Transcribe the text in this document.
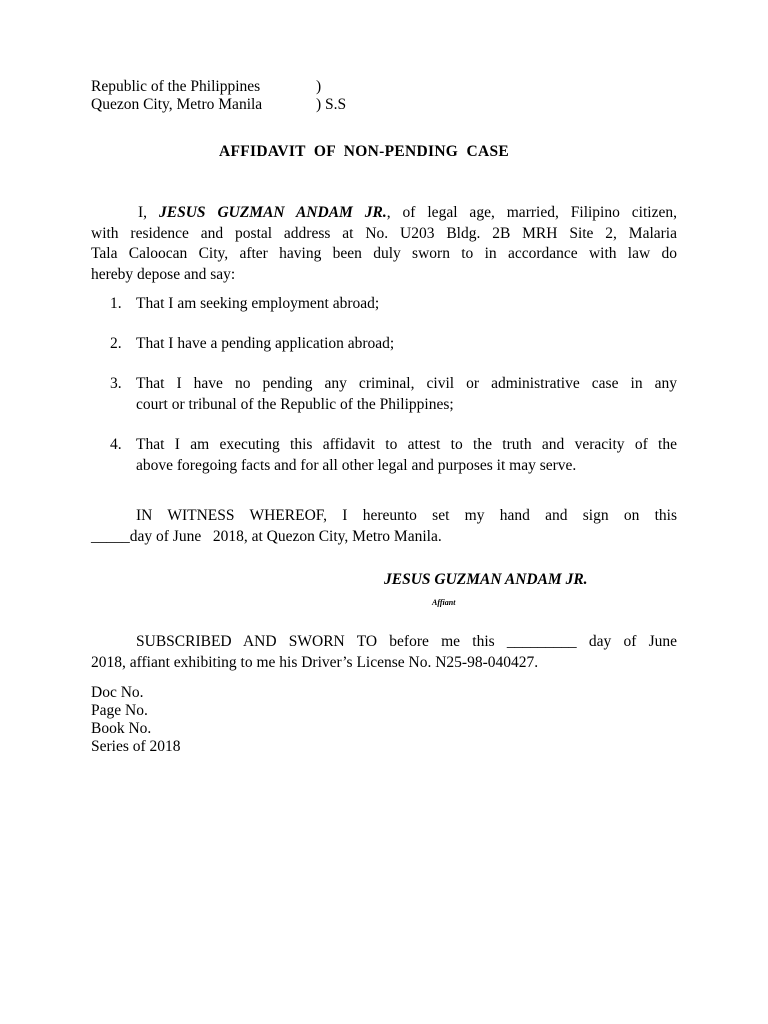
Republic of the Philippines	)
Quezon City, Metro Manila	) S.S
AFFIDAVIT  OF  NON-PENDING  CASE
I, JESUS GUZMAN ANDAM JR., of legal age, married, Filipino citizen,
with residence and postal address at No. U203 Bldg. 2B MRH Site 2, Malaria
Tala Caloocan City, after having been duly sworn to in accordance with law do
hereby depose and say:
1. That I am seeking employment abroad;
2. That I have a pending application abroad;
3. That I have no pending any criminal, civil or administrative case in any
court or tribunal of the Republic of the Philippines;
4. That I am executing this affidavit to attest to the truth and veracity of the
above foregoing facts and for all other legal and purposes it may serve.
IN WITNESS WHEREOF, I hereunto set my hand and sign on this
_____day of June   2018, at Quezon City, Metro Manila.
JESUS GUZMAN ANDAM JR.
Affiant
SUBSCRIBED AND SWORN TO before me this _________ day of June
2018, affiant exhibiting to me his Driver’s License No. N25-98-040427.
Doc No.
Page No.
Book No.
Series of 2018
